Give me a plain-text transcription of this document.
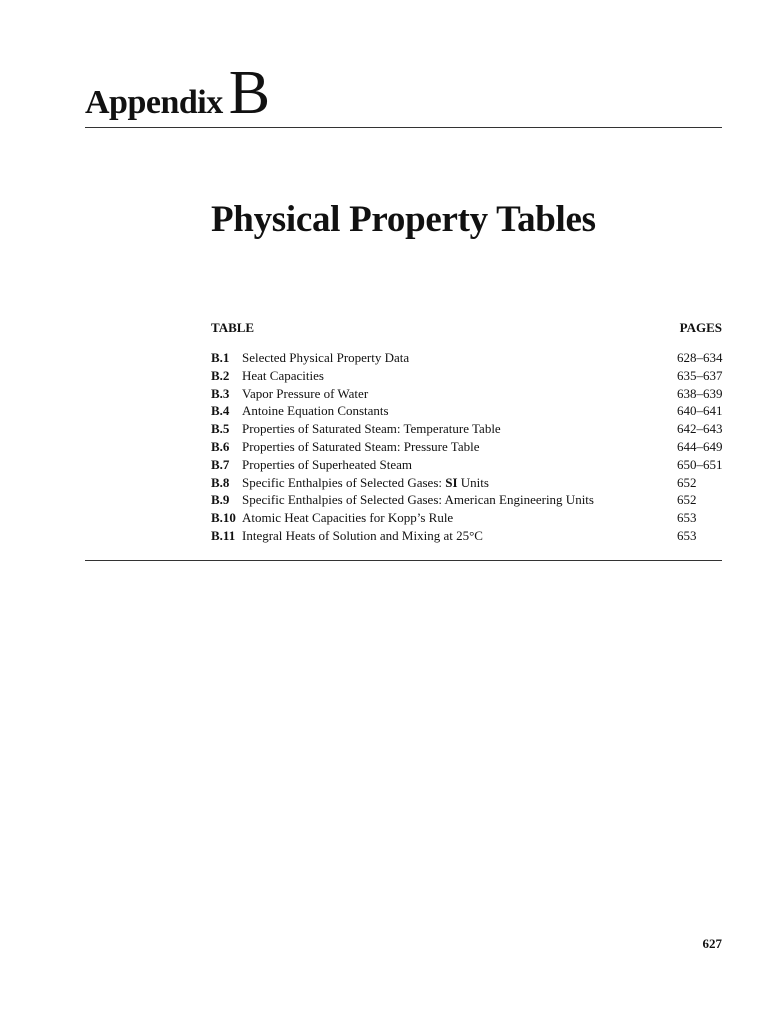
AppendixB
Physical Property Tables
TABLE	PAGES
B.1 Selected Physical Property Data	628–634
B.2 Heat Capacities	635–637
B.3 Vapor Pressure of Water	638–639
B.4 Antoine Equation Constants	640–641
B.5 Properties of Saturated Steam: Temperature Table	642–643
B.6 Properties of Saturated Steam: Pressure Table	644–649
B.7 Properties of Superheated Steam	650–651
B.8 Specific Enthalpies of Selected Gases: SI Units	652
B.9 Specific Enthalpies of Selected Gases: American Engineering Units	652
B.10 Atomic Heat Capacities for Kopp’s Rule	653
B.11 Integral Heats of Solution and Mixing at 25°C	653
627
